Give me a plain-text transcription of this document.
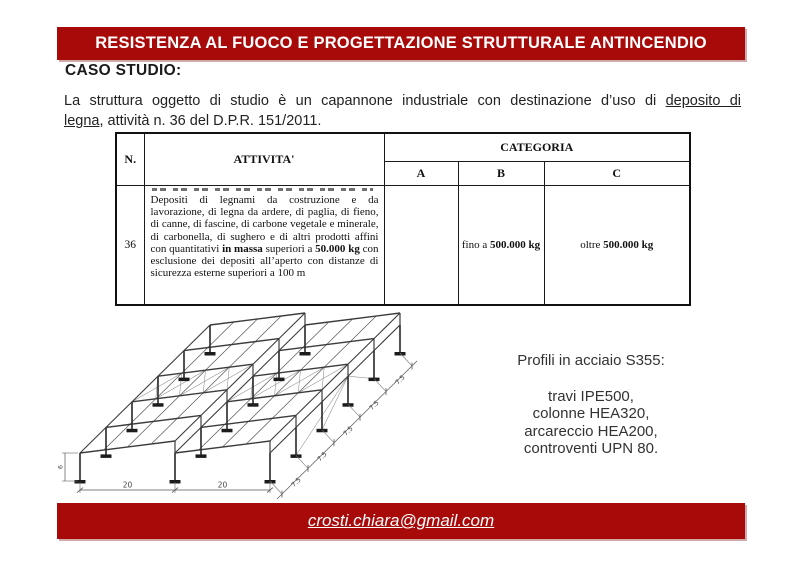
RESISTENZA AL FUOCO E PROGETTAZIONE STRUTTURALE ANTINCENDIO
CASO STUDIO:
La struttura oggetto di studio è un capannone industriale con destinazione d’uso di deposito di
legna, attività n. 36 del D.P.R. 151/2011.
N.	ATTIVITA'	CATEGORIA		
		A	B	C
36	Depositi di legnami da costruzione e da lavorazione, di legna da ardere, di paglia, di fieno, di canne, di fascine, di carbone vegetale e minerale, di carbonella, di sughero e di altri prodotti affini con quantitativi in massa superiori a 50.000 kg con esclusione dei depositi all’aperto con distanze di sicurezza esterne superiori a 100 m		fino a 500.000 kg	oltre 500.000 kg
20	20
6
7.5
7.5
7.5
7.5
7.5
Profili in acciaio S355:
travi IPE500,
colonne HEA320,
arcareccio HEA200,
controventi UPN 80.
crosti.chiara@gmail.com
